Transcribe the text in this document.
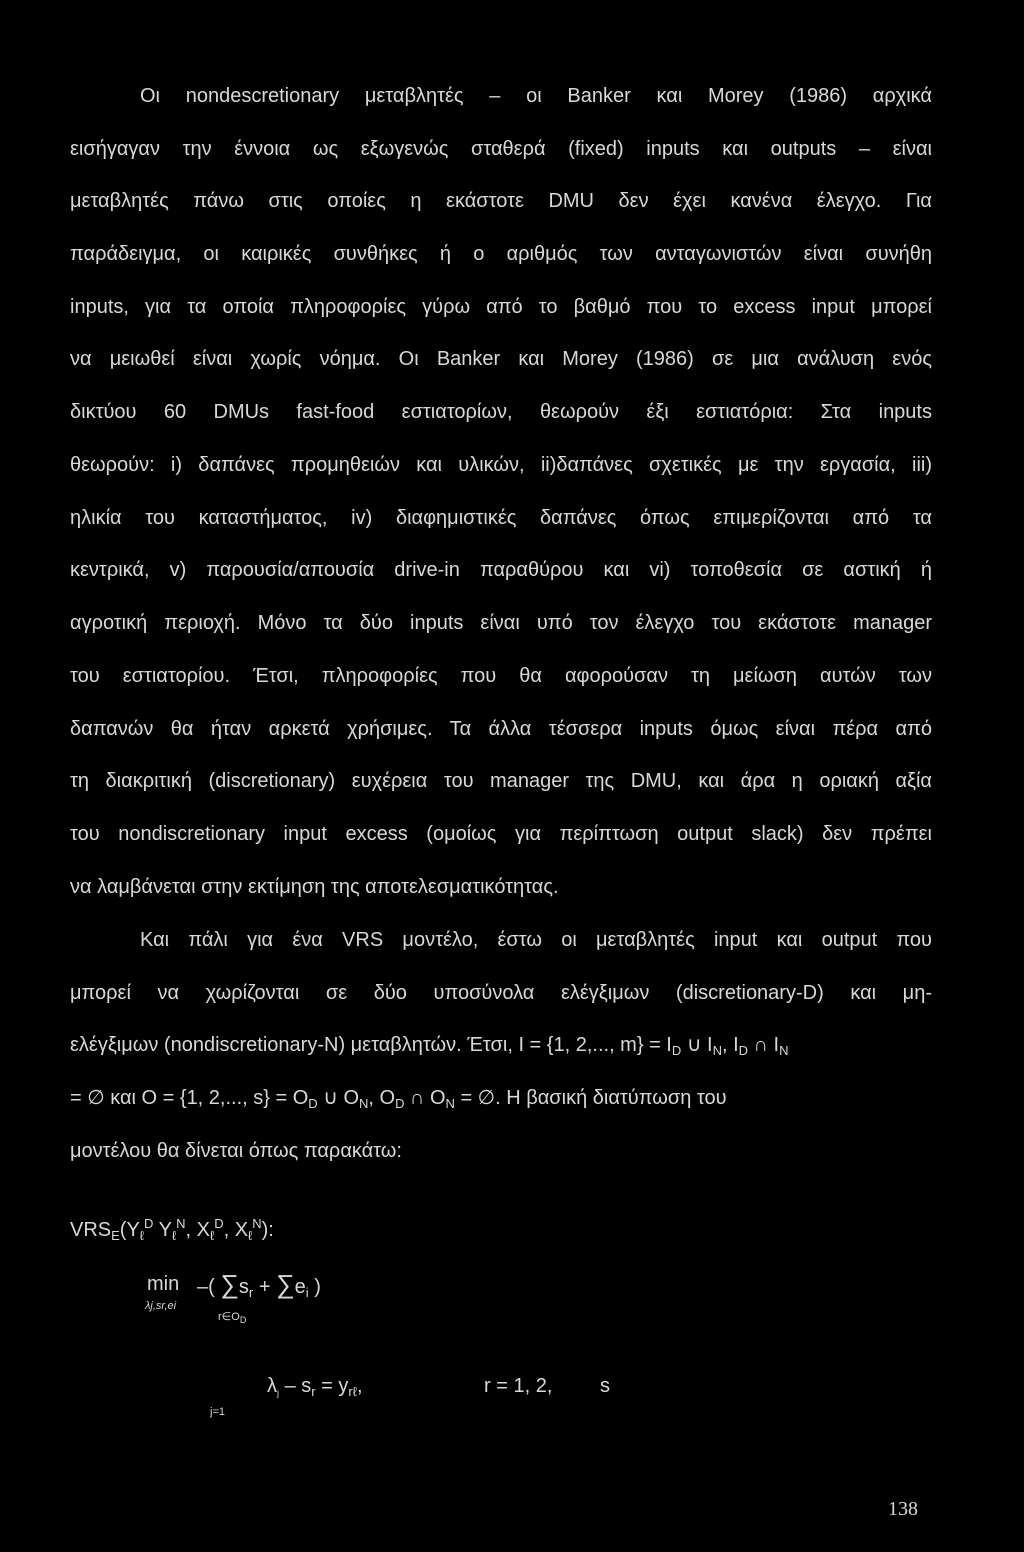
Οι nondescretionary μεταβλητές – οι Banker και Morey (1986) αρχικά
εισήγαγαν την έννοια ως εξωγενώς σταθερά (fixed) inputs και outputs – είναι
μεταβλητές πάνω στις οποίες η εκάστοτε DMU δεν έχει κανένα έλεγχο. Για
παράδειγμα, οι καιρικές συνθήκες ή ο αριθμός των ανταγωνιστών είναι συνήθη
inputs, για τα οποία πληροφορίες γύρω από το βαθμό που το excess input μπορεί
να μειωθεί είναι χωρίς νόημα. Οι Banker και Morey (1986) σε μια ανάλυση ενός
δικτύου 60 DMUs fast-food εστιατορίων, θεωρούν έξι εστιατόρια: Στα inputs
θεωρούν: i) δαπάνες προμηθειών και υλικών, ii)δαπάνες σχετικές με την εργασία, iii)
ηλικία του καταστήματος, iv) διαφημιστικές δαπάνες όπως επιμερίζονται από τα
κεντρικά, v) παρουσία/απουσία drive-in παραθύρου και vi) τοποθεσία σε αστική ή
αγροτική περιοχή. Μόνο τα δύο inputs είναι υπό τον έλεγχο του εκάστοτε manager
του εστιατορίου. Έτσι, πληροφορίες που θα αφορούσαν τη μείωση αυτών των
δαπανών θα ήταν αρκετά χρήσιμες. Τα άλλα τέσσερα inputs όμως είναι πέρα από
τη διακριτική (discretionary) ευχέρεια του manager της DMU, και άρα η οριακή αξία
του nondiscretionary input excess (ομοίως για περίπτωση output slack) δεν πρέπει
να λαμβάνεται στην εκτίμηση της αποτελεσματικότητας.
Και πάλι για ένα VRS μοντέλο, έστω οι μεταβλητές input και output που
μπορεί να χωρίζονται σε δύο υποσύνολα ελέγξιμων (discretionary-D) και μη-
ελέγξιμων (nondiscretionary-N) μεταβλητών. Έτσι, I = {1, 2,..., $m\} = I_D$ ∪ $I_N$, $I_D$ ∩ $I_N$
= ∅ και O = {1, 2,..., $s\} = O_D$ ∪ $O_N$, $O_D$ ∩ $O_N$ = ∅. Η βασική διατύπωση του
μοντέλου θα δίνεται όπως παρακάτω:
$VRS_E(Y_\ell^D$ $Y_\ell^N$, $X_\ell^D$, $X_\ell^N$):
min
λj,sr,ei
–( $\sum s_r + \sum e_i$ )
$r\in O_D$
$\lambda_j - s_r = y_{r\ell}$,	r = 1, 2, s
j=1
138
